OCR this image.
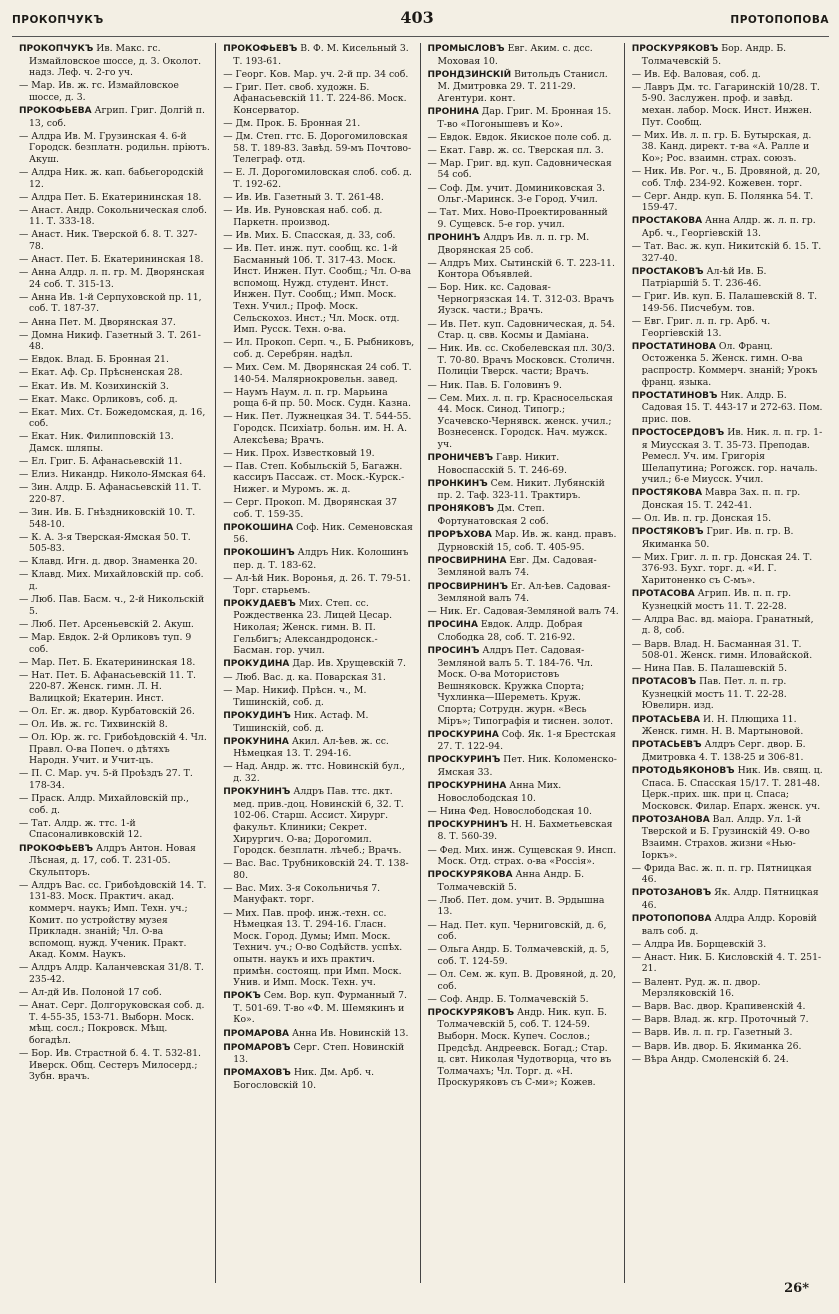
ПРОКОПЧУКЪ	403	ПРОТОПОПОВА

ПРОКОПЧУКЪ Ив. Макс. гс. Измайловское шоссе, д. 3. Околот. надз. Леф. ч. 2-го уч.

— Мар. Ив. ж. гс. Измайловское шоссе, д. 3.

ПРОКОФЬЕВА Агрип. Григ. Долгій п. 13, соб.

— Алдра Ив. М. Грузинская 4. 6-й Городск. безплатн. родильн. пріютъ. Акуш.

— Алдра Ник. ж. кап. бабьегородскій 12.

— Алдра Пет. Б. Екатерининская 18.

— Анаст. Андр. Сокольническая слоб. 11. Т. 333-18.

— Анаст. Ник. Тверской б. 8. Т. 327-78.

— Анаст. Пет. Б. Екатерининская 18.

— Анна Алдр. л. п. гр. М. Дворянская 24 соб. Т. 315-13.

— Анна Ив. 1-й Серпуховской пр. 11, соб. Т. 187-37.

— Анна Пет. М. Дворянская 37.

— Домна Никиф. Газетный 3. Т. 261-48.

— Евдок. Влад. Б. Бронная 21.

— Екат. Аф. Ср. Прѣсненская 28.

— Екат. Ив. М. Козихинскій 3.

— Екат. Макс. Орликовъ, соб. д.

— Екат. Мих. Ст. Божедомская, д. 16, соб.

— Екат. Ник. Филипповскій 13. Дамск. шляпы.

— Ел. Григ. Б. Афанасьевскій 11.

— Елиз. Никандр. Николо-Ямская 64.

— Зин. Алдр. Б. Афанасьевскій 11. Т. 220-87.

— Зин. Ив. Б. Гнѣздниковскій 10. Т. 548-10.

— К. А. 3-я Тверская-Ямская 50. Т. 505-83.

— Клавд. Игн. д. двор. Знаменка 20.

— Клавд. Мих. Михайловскій пр. соб. д.

— Люб. Пав. Басм. ч., 2-й Никольскій 5.

— Люб. Пет. Арсеньевскій 2. Акуш.

— Мар. Евдок. 2-й Орликовъ туп. 9 соб.

— Мар. Пет. Б. Екатерининская 18.

— Нат. Пет. Б. Афанасьевскій 11. Т. 220-87. Женск. гимн. Л. Н. Валицкой; Екатерин. Инст.

— Ол. Ег. ж. двор. Курбатовскій 26.

— Ол. Ив. ж. гс. Тихвинскій 8.

— Ол. Юр. ж. гс. Грибоѣдовскій 4. Чл. Правл. О-ва Попеч. о дѣтяхъ Народн. Учит. и Учит-цъ.

— П. С. Мар. уч. 5-й Проѣздъ 27. Т. 178-34.

— Праск. Алдр. Михайловскій пр., соб. д.

— Тат. Алдр. ж. ттс. 1-й Спасоналивковскій 12.

ПРОКОФЬЕВЪ Алдръ Антон. Новая Лѣсная, д. 17, соб. Т. 231-05. Скульпторъ.

— Алдръ Вас. сс. Грибоѣдовскій 14. Т. 131-83. Моск. Практич. акад. коммерч. наукъ; Имп. Техн. уч.; Комит. по устройству музея Прикладн. знаній; Чл. О-ва вспомощ. нужд. Ученик. Практ. Акад. Комм. Наукъ.

— Алдръ Алдр. Каланчевская 31/8. Т. 235-42.

— Ал-дй Ив. Полоной 17 соб.

— Анат. Серг. Долгоруковская соб. д. Т. 4-55-35, 153-71. Выборн. Моск. мѣщ. сосл.; Покровск. Мѣщ. богадѣл.

— Бор. Ив. Страстной б. 4. Т. 532-81. Иверск. Общ. Сестеръ Милосерд.; Зубн. врачъ.

ПРОКОФЬЕВЪ В. Ф. М. Кисельный 3. Т. 193-61.

— Георг. Ков. Мар. уч. 2-й пр. 34 соб.

— Григ. Пет. своб. художн. Б. Афанасьевскій 11. Т. 224-86. Моск. Консерватор.

— Дм. Прок. Б. Бронная 21.

— Дм. Степ. гтс. Б. Дорогомиловская 58. Т. 189-83. Завѣд. 59-мъ Почтово-Телеграф. отд.

— Е. Л. Дорогомиловская слоб. соб. д. Т. 192-62.

— Ив. Ив. Газетный 3. Т. 261-48.

— Ив. Ив. Руновская наб. соб. д. Паркетн. производ.

— Ив. Мих. Б. Спасская, д. 33, соб.

— Ив. Пет. инж. пут. сообщ. кс. 1-й Басманный 10б. Т. 317-43. Моск. Инст. Инжен. Пут. Сообщ.; Чл. О-ва вспомощ. Нужд. студент. Инст. Инжен. Пут. Сообщ.; Имп. Моск. Техн. Учил.; Проф. Моск. Сельскохоз. Инст.; Чл. Моск. отд. Имп. Русск. Техн. о-ва.

— Ил. Прокоп. Серп. ч., Б. Рыбниковъ, соб. д. Серебрян. надѣл.

— Мих. Сем. М. Дворянская 24 соб. Т. 140-54. Малярнокровельн. завед.

— Наумъ Наум. л. п. гр. Марьина роща 6-й пр. 50. Моск. Судн. Казна.

— Ник. Пет. Лужнецкая 34. Т. 544-55. Городск. Психіатр. больн. им. Н. А. Алексѣева; Врачъ.

— Ник. Прох. Известковый 19.

— Пав. Степ. Кобыльскій 5, Багажн. кассиръ Пассаж. ст. Моск.-Курск.-Нижег. и Муромъ. ж. д.

— Серг. Прокоп. М. Дворянская 37 соб. Т. 159-35.

ПРОКОШИНА Соф. Ник. Семеновская 56.

ПРОКОШИНЪ Алдръ Ник. Колошинъ пер. д. Т. 183-62.

— Ал-ѣй Ник. Воронья, д. 26. Т. 79-51. Торг. старьемъ.

ПРОКУДАЕВЪ Мих. Степ. сс. Рождественка 23. Лицей Цесар. Николая; Женск. гимн. В. П. Гельбигъ; Александродонск.-Басман. гор. учил.

ПРОКУДИНА Дар. Ив. Хрущевскій 7.

— Люб. Вас. д. ка. Поварская 31.

— Мар. Никиф. Прѣсн. ч., М. Тишинскій, соб. д.

ПРОКУДИНЪ Ник. Астаф. М. Тишинскій, соб. д.

ПРОКУНИНА Акил. Ал-ѣев. ж. сс. Нѣмецкая 13. Т. 294-16.

— Над. Андр. ж. ттс. Новинскій бул., д. 32.

ПРОКУНИНЪ Алдръ Пав. ттс. дкт. мед. прив.-доц. Новинскій 6, 32. Т. 102-06. Старш. Ассист. Хирург. факульт. Клиники; Секрет. Хирургич. О-ва; Дорогомил. Городск. безплатн. лѣчеб.; Врачъ.

— Вас. Вас. Трубниковскій 24. Т. 138-80.

— Вас. Мих. 3-я Сокольничья 7. Мануфакт. торг.

— Мих. Пав. проф. инж.-техн. сс. Нѣмецкая 13. Т. 294-16. Гласн. Моск. Город. Думы; Имп. Моск. Технич. уч.; О-во Содѣйств. успѣх. опытн. наукъ и ихъ практич. примѣн. состоящ. при Имп. Моск. Унив. и Имп. Моск. Техн. уч.

ПРОКЪ Сем. Вор. куп. Фурманный 7. Т. 501-69. Т-во «Ф. М. Шемякинъ и Ко».

ПРОМАРОВА Анна Ив. Новинскій 13.

ПРОМАРОВЪ Серг. Степ. Новинскій 13.

ПРОМАХОВЪ Ник. Дм. Арб. ч. Богословскій 10.

ПРОМЫСЛОВЪ Евг. Аким. с. дсс. Моховая 10.

ПРОНДЗИНСКІЙ Витольдъ Станисл. М. Дмитровка 29. Т. 211-29. Агентури. конт.

ПРОНИНА Дар. Григ. М. Бронная 15. Т-во «Погонышевъ и Ко».

— Евдок. Евдок. Якиское поле соб. д.

— Екат. Гавр. ж. сс. Тверская пл. 3.

— Мар. Григ. вд. куп. Садовническая 54 соб.

— Соф. Дм. учит. Доминиковская 3. Ольг.-Маринск. 3-е Город. Учил.

— Тат. Мих. Ново-Проектированный 9. Сущевск. 5-е гор. учил.

ПРОНИНЪ Алдръ Ив. л. п. гр. М. Дворянская 25 соб.

— Алдръ Мих. Сытинскій 6. Т. 223-11. Контора Объявлей.

— Бор. Ник. кс. Садовая-Черногрязская 14. Т. 312-03. Врачъ Яузск. части.; Врачъ.

— Ив. Пет. куп. Садовническая, д. 54. Стар. ц. свв. Космы и Даміана.

— Ник. Ив. сс. Скобелевская пл. 30/3. Т. 70-80. Врачъ Московск. Столичн. Полиціи Тверск. части; Врачъ.

— Ник. Пав. Б. Головинъ 9.

— Сем. Мих. л. п. гр. Красносельская 44. Моск. Синод. Типогр.; Усачевско-Чернявск. женск. учил.; Вознесенск. Городск. Нач. мужск. уч.

ПРОНИЧЕВЪ Гавр. Никит. Новоспасскій 5. Т. 246-69.

ПРОНКИНЪ Сем. Никит. Лубянскій пр. 2. Таф. 323-11. Трактиръ.

ПРОНЯКОВЪ Дм. Степ. Фортунатовская 2 соб.

ПРОРѢХОВА Мар. Ив. ж. канд. правъ. Дурновскій 15, соб. Т. 405-95.

ПРОСВИРНИНА Евг. Дм. Садовая-Земляной валъ 74.

ПРОСВИРНИНЪ Ег. Ал-ѣев. Садовая-Земляной валъ 74.

— Ник. Ег. Садовая-Земляной валъ 74.

ПРОСИНА Евдок. Алдр. Добрая Слободка 28, соб. Т. 216-92.

ПРОСИНЪ Алдръ Пет. Садовая-Земляной валъ 5. Т. 184-76. Чл. Моск. О-ва Мотористовъ Вешняковск. Кружка Спорта; Чухлинка—Шереметь. Круж. Спорта; Сотрудн. журн. «Весь Міръ»; Типографія и тиснен. золот.

ПРОСКУРИНА Соф. Як. 1-я Брестская 27. Т. 122-94.

ПРОСКУРИНЪ Пет. Ник. Коломенско-Ямская 33.

ПРОСКУРНИНА Анна Мих. Новослободская 10.

— Нина Фед. Новослободская 10.

ПРОСКУРНИНЪ Н. Н. Бахметьевская 8. Т. 560-39.

— Фед. Мих. инж. Сущевская 9. Инсп. Моск. Отд. страх. о-ва «Россія».

ПРОСКУРЯКОВА Анна Андр. Б. Толмачевскій 5.

— Люб. Пет. дом. учит. В. Эрдышна 13.

— Над. Пет. куп. Черниговскій, д. 6, соб.

— Ольга Андр. Б. Толмачевскій, д. 5, соб. Т. 124-59.

— Ол. Сем. ж. куп. В. Дровяной, д. 20, соб.

— Соф. Андр. Б. Толмачевскій 5.

ПРОСКУРЯКОВЪ Андр. Ник. куп. Б. Толмачевскій 5, соб. Т. 124-59. Выборн. Моск. Купеч. Сослов.; Предсѣд. Андреевск. Богад.; Стар. ц. свт. Николая Чудотворца, что въ Толмачахъ; Чл. Торг. д. «Н. Проскуряковъ съ С-ми»; Кожев.

ПРОСКУРЯКОВЪ Бор. Андр. Б. Толмачевскій 5.

— Ив. Еф. Валовая, соб. д.

— Лавръ Дм. тс. Гагаринскій 10/28. Т. 5-90. Заслужен. проф. и завѣд. механ. лабор. Моск. Инст. Инжен. Пут. Сообщ.

— Мих. Ив. л. п. гр. Б. Бутырская, д. 38. Канд. директ. т-ва «А. Ралле и Ко»; Рос. взаимн. страх. союзъ.

— Ник. Ив. Рог. ч., Б. Дровяной, д. 20, соб. Тлф. 234-92. Кожевен. торг.

— Серг. Андр. куп. Б. Полянка 54. Т. 159-47.

ПРОСТАКОВА Анна Алдр. ж. л. п. гр. Арб. ч., Георгіевскій 13.

— Тат. Вас. ж. куп. Никитскій б. 15. Т. 327-40.

ПРОСТАКОВЪ Ал-ѣй Ив. Б. Патріаршій 5. Т. 236-46.

— Григ. Ив. куп. Б. Палашевскій 8. Т. 149-56. Писчебум. тов.

— Евг. Григ. л. п. гр. Арб. ч. Георгіевскій 13.

ПРОСТАТИНОВА Ол. Франц. Остоженка 5. Женск. гимн. О-ва распростр. Коммерч. знаній; Урокъ франц. языка.

ПРОСТАТИНОВЪ Ник. Алдр. Б. Садовая 15. Т. 443-17 и 272-63. Пом. прис. пов.

ПРОСТОСЕРДОВЪ Ив. Ник. л. п. гр. 1-я Миусская 3. Т. 35-73. Преподав. Ремесл. Уч. им. Григорія Шелапутина; Рогожск. гор. началь. учил.; 6-е Миусск. Учил.

ПРОСТЯКОВА Мавра Зах. п. п. гр. Донская 15. Т. 242-41.

— Ол. Ив. п. гр. Донская 15.

ПРОСТЯКОВЪ Григ. Ив. п. гр. В. Якиманка 50.

— Мих. Григ. л. п. гр. Донская 24. Т. 376-93. Бухг. торг. д. «И. Г. Харитоненко съ С-мъ».

ПРОТАСОВА Агрип. Ив. п. п. гр. Кузнецкій мостъ 11. Т. 22-28.

— Алдра Вас. вд. маіора. Гранатный, д. 8, соб.

— Варв. Влад. Н. Басманная 31. Т. 508-01. Женск. гимн. Иловайской.

— Нина Пав. Б. Палашевскій 5.

ПРОТАСОВЪ Пав. Пет. л. п. гр. Кузнецкій мостъ 11. Т. 22-28. Ювелирн. изд.

ПРОТАСЬЕВА И. Н. Плющиха 11. Женск. гимн. Н. В. Мартыновой.

ПРОТАСЬЕВЪ Алдръ Серг. двор. Б. Дмитровка 4. Т. 138-25 и 306-81.

ПРОТОДЬЯКОНОВЪ Ник. Ив. свящ. ц. Спаса. Б. Спасская 15/17. Т. 281-48. Церк.-прих. шк. при ц. Спаса; Московск. Филар. Епарх. женск. уч.

ПРОТОЗАНОВА Вал. Алдр. Ул. 1-й Тверской и Б. Грузинскій 49. О-во Взаимн. Страхов. жизни «Нью-Іоркъ».

— Фрида Вас. ж. п. п. гр. Пятницкая 46.

ПРОТОЗАНОВЪ Як. Алдр. Пятницкая 46.

ПРОТОПОПОВА Алдра Алдр. Коровій валъ соб. д.

— Алдра Ив. Борщевскій 3.

— Анаст. Ник. Б. Кисловскій 4. Т. 251-21.

— Валент. Руд. ж. п. двор. Мерзляковскій 16.

— Варв. Вас. двор. Крапивенскій 4.

— Варв. Влад. ж. кгр. Проточный 7.

— Варв. Ив. л. п. гр. Газетный 3.

— Варв. Ив. двор. Б. Якиманка 26.

— Вѣра Андр. Смоленскій б. 24.

26*
